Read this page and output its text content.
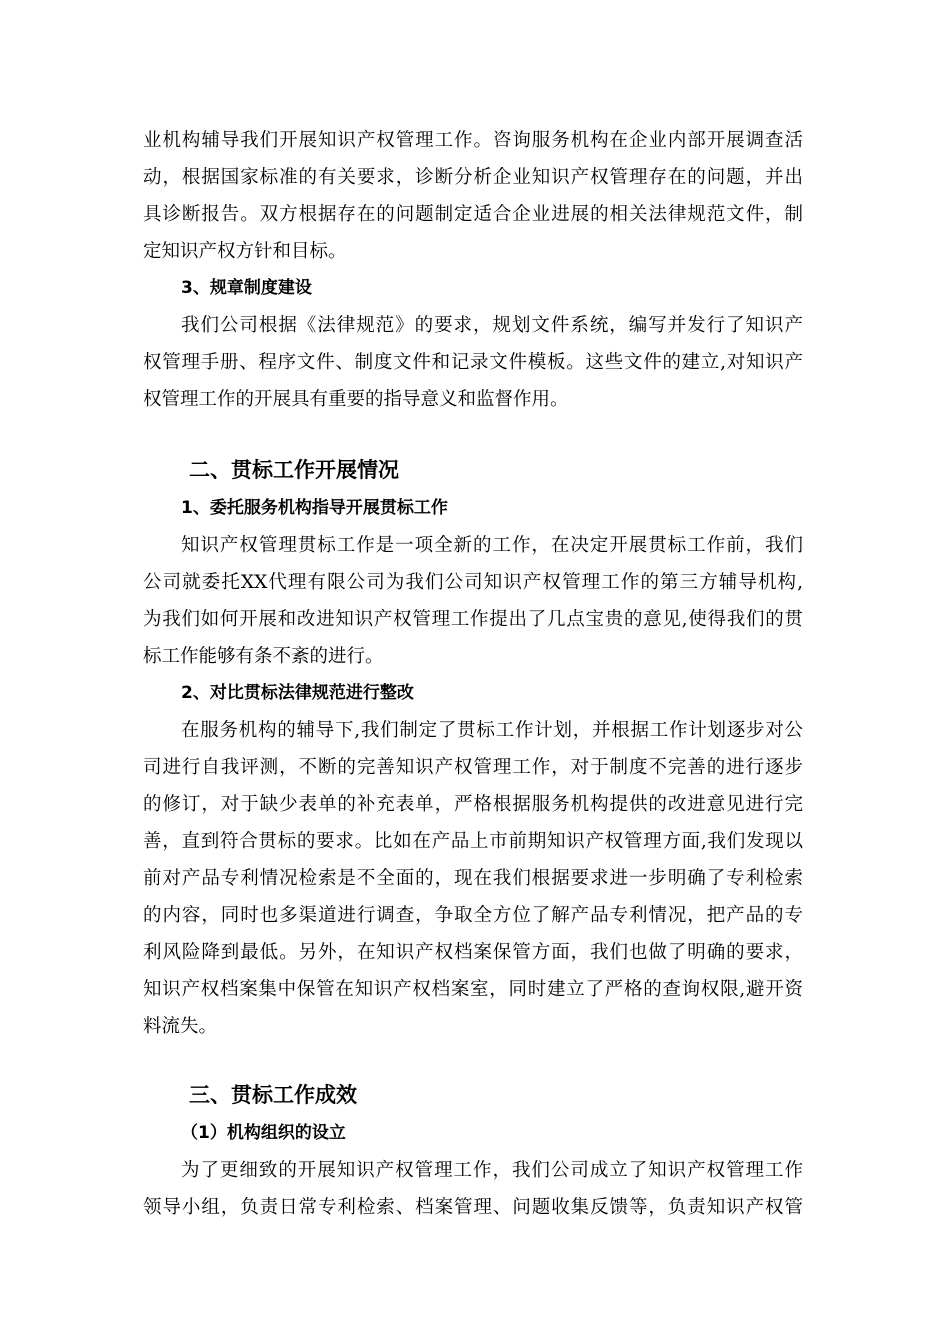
业机构辅导我们开展知识产权管理工作。咨询服务机构在企业内部开展调查活
动，根据国家标准的有关要求，诊断分析企业知识产权管理存在的问题，并出
具诊断报告。双方根据存在的问题制定适合企业进展的相关法律规范文件，制
定知识产权方针和目标。
3、规章制度建设
我们公司根据《法律规范》的要求，规划文件系统，编写并发行了知识产
权管理手册、程序文件、制度文件和记录文件模板。这些文件的建立,对知识产
权管理工作的开展具有重要的指导意义和监督作用。
二、贯标工作开展情况
1、委托服务机构指导开展贯标工作
知识产权管理贯标工作是一项全新的工作，在决定开展贯标工作前，我们
公司就委托XX代理有限公司为我们公司知识产权管理工作的第三方辅导机构,
为我们如何开展和改进知识产权管理工作提出了几点宝贵的意见,使得我们的贯
标工作能够有条不紊的进行。
2、对比贯标法律规范进行整改
在服务机构的辅导下,我们制定了贯标工作计划，并根据工作计划逐步对公
司进行自我评测，不断的完善知识产权管理工作，对于制度不完善的进行逐步
的修订，对于缺少表单的补充表单，严格根据服务机构提供的改进意见进行完
善，直到符合贯标的要求。比如在产品上市前期知识产权管理方面,我们发现以
前对产品专利情况检索是不全面的，现在我们根据要求进一步明确了专利检索
的内容，同时也多渠道进行调查，争取全方位了解产品专利情况，把产品的专
利风险降到最低。另外，在知识产权档案保管方面，我们也做了明确的要求，
知识产权档案集中保管在知识产权档案室，同时建立了严格的查询权限,避开资
料流失。
三、贯标工作成效
（1）机构组织的设立
为了更细致的开展知识产权管理工作，我们公司成立了知识产权管理工作
领导小组，负责日常专利检索、档案管理、问题收集反馈等，负责知识产权管
